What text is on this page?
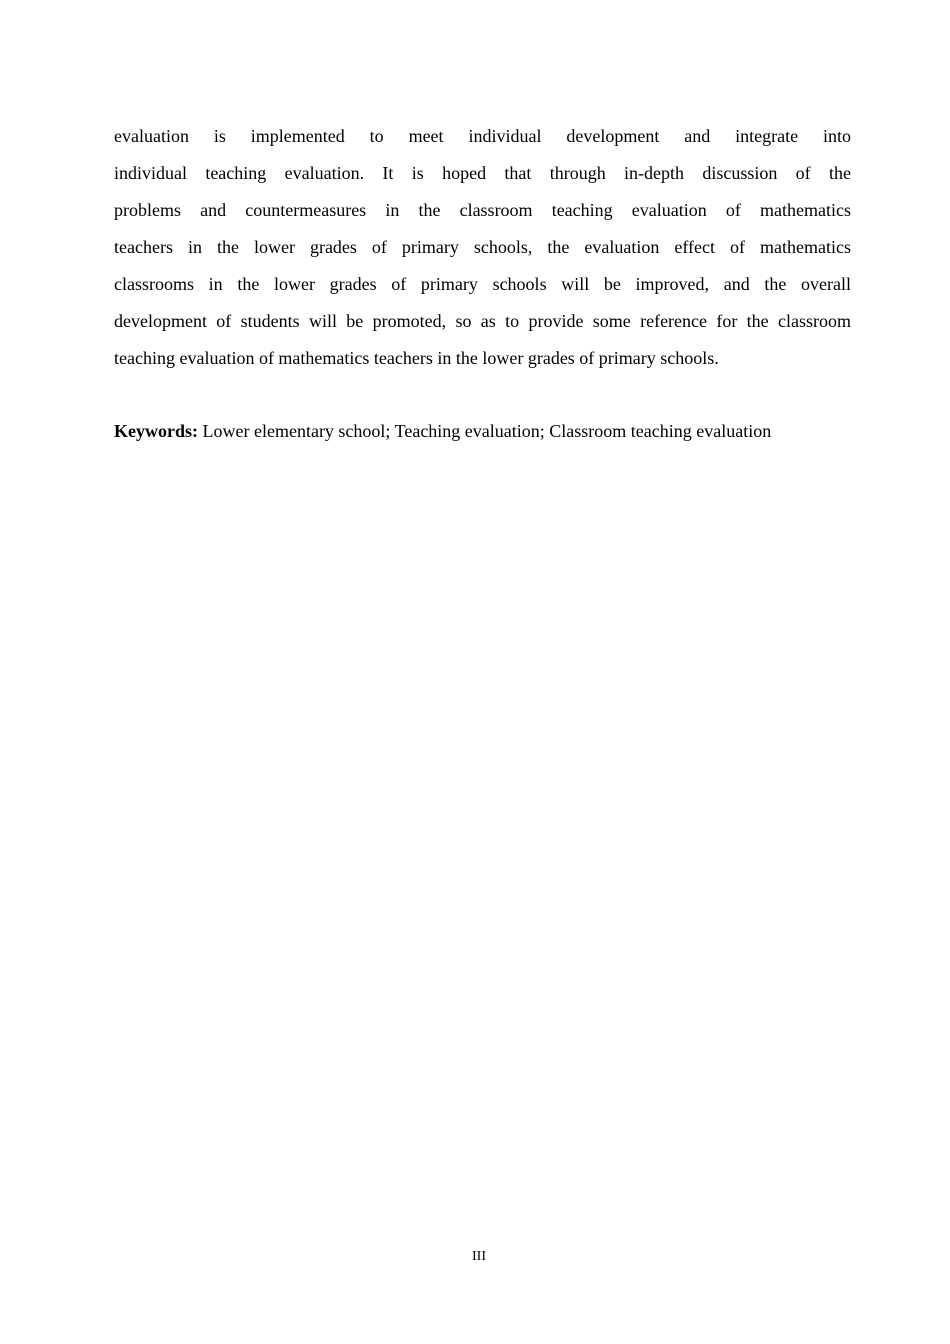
evaluation is implemented to meet individual development and integrate into
individual teaching evaluation. It is hoped that through in-depth discussion of the
problems and countermeasures in the classroom teaching evaluation of mathematics
teachers in the lower grades of primary schools, the evaluation effect of mathematics
classrooms in the lower grades of primary schools will be improved, and the overall
development of students will be promoted, so as to provide some reference for the classroom
teaching evaluation of mathematics teachers in the lower grades of primary schools.

Keywords: Lower elementary school; Teaching evaluation; Classroom teaching evaluation

III
